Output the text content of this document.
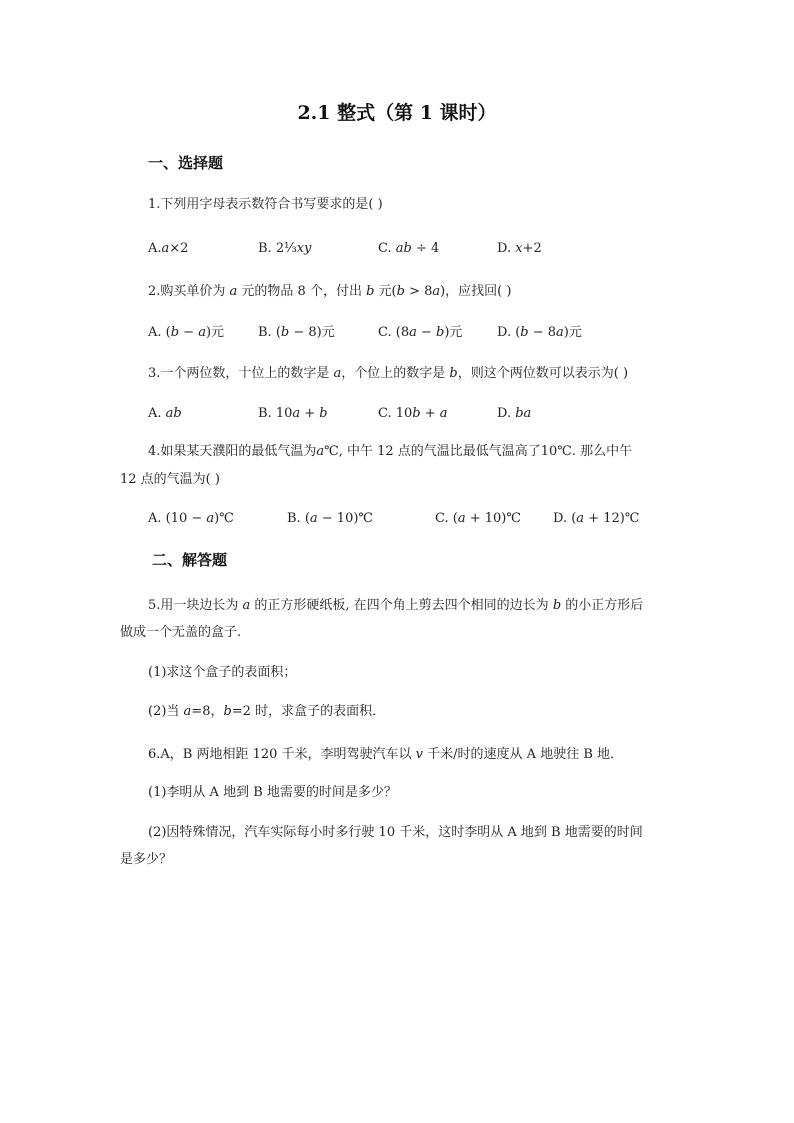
2.1 整式（第 1 课时）
一、选择题
1.下列用字母表示数符合书写要求的是( )
A.𝑎×2	B. 2⅓𝑥𝑦	C. 𝑎𝑏 ÷ 4	D. 𝑥+2
2.购买单价为 𝑎 元的物品 8 个，付出 𝑏 元(𝑏 > 8𝑎)，应找回( )
A. (𝑏 − 𝑎)元	B. (𝑏 − 8)元	C. (8𝑎 − 𝑏)元	D. (𝑏 − 8𝑎)元
3.一个两位数，十位上的数字是 𝑎，个位上的数字是 𝑏，则这个两位数可以表示为( )
A. 𝑎𝑏	B. 10𝑎 + 𝑏	C. 10𝑏 + 𝑎	D. 𝑏𝑎
4.如果某天濮阳的最低气温为𝑎℃, 中午 12 点的气温比最低气温高了10℃. 那么中午
12 点的气温为( )
A. (10 − 𝑎)℃	B. (𝑎 − 10)℃	C. (𝑎 + 10)℃ D. (𝑎 + 12)℃
二、解答题
5.用一块边长为 𝑎 的正方形硬纸板, 在四个角上剪去四个相同的边长为 𝑏 的小正方形后
做成一个无盖的盒子.
(1)求这个盒子的表面积；
(2)当 𝑎=8，𝑏=2 时，求盒子的表面积．
6.A，B 两地相距 120 千米，李明驾驶汽车以 𝑣 千米/时的速度从 A 地驶往 B 地．
(1)李明从 A 地到 B 地需要的时间是多少？
(2)因特殊情况，汽车实际每小时多行驶 10 千米，这时李明从 A 地到 B 地需要的时间
是多少？
